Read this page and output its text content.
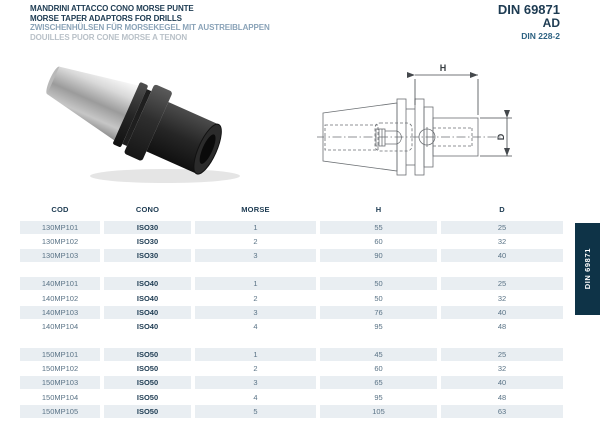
MANDRINI ATTACCO CONO MORSE PUNTE
MORSE TAPER ADAPTORS FOR DRILLS
ZWISCHENHÜLSEN FÜR MORSEKEGEL MIT AUSTREIBLAPPEN
DOUILLES PUOR CONE MORSE A TENON
DIN 69871
AD
DIN 228-2
H
D
COD	CONO	MORSE	H	D
130MP101	ISO30	1	55	25
130MP102	ISO30	2	60	32
130MP103	ISO30	3	90	40
140MP101	ISO40	1	50	25
140MP102	ISO40	2	50	32
140MP103	ISO40	3	76	40
140MP104	ISO40	4	95	48
150MP101	ISO50	1	45	25
150MP102	ISO50	2	60	32
150MP103	ISO50	3	65	40
150MP104	ISO50	4	95	48
150MP105	ISO50	5	105	63
DIN 69871
